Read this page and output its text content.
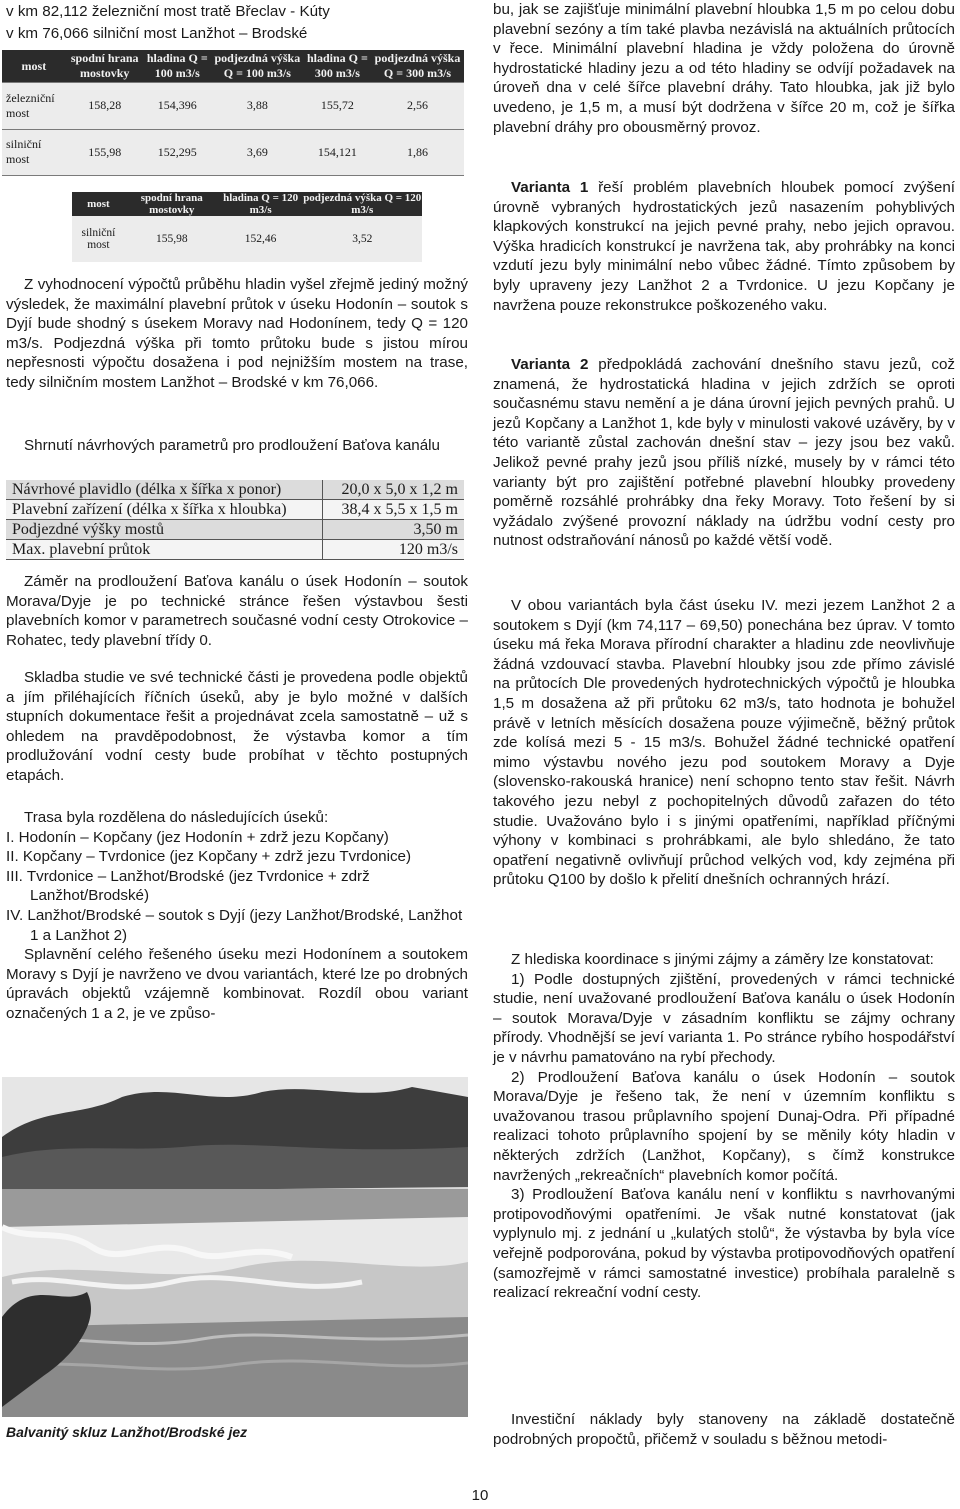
v km 82,112 železniční most tratě Břeclav - Kúty
v km 76,066 silniční most Lanžhot – Brodské
most	spodní hrana mostovky	hladina Q = 100 m3/s	podjezdná výška Q = 100 m3/s	hladina Q = 300 m3/s	podjezdná výška Q = 300 m3/s
železniční most	158,28	154,396	3,88	155,72	2,56
silniční most	155,98	152,295	3,69	154,121	1,86
most	spodní hrana mostovky	hladina Q = 120 m3/s	podjezdná výška Q = 120 m3/s
silniční most	155,98	152,46	3,52

Z vyhodnocení výpočtů průběhu hladin vyšel zřejmě jediný možný výsledek, že maximální plavební průtok v úseku Hodonín – soutok s Dyjí bude shodný s úsekem Moravy nad Hodonínem, tedy Q = 120 m3/s. Podjezdná výška při tomto průtoku bude s jistou mírou nepřesnosti výpočtu dosažena i pod nejnižším mostem na trase, tedy silničním mostem Lanžhot – Brodské v km 76,066.

Shrnutí návrhových parametrů pro prodloužení Baťova kanálu

Návrhové plavidlo (délka x šířka x ponor)	20,0 x 5,0 x 1,2 m
Plavební zařízení (délka x šířka x hloubka)	38,4 x 5,5 x 1,5 m
Podjezdné výšky mostů	3,50 m
Max. plavební průtok	120 m3/s

Záměr na prodloužení Baťova kanálu o úsek Hodonín – soutok Morava/Dyje je po technické stránce řešen výstavbou šesti plavebních komor v parametrech současné vodní cesty Otrokovice – Rohatec, tedy plavební třídy 0.

Skladba studie ve své technické části je provedena podle objektů a jím přiléhajících říčních úseků, aby je bylo možné v dalších stupních dokumentace řešit a projednávat zcela samostatně – už s ohledem na pravděpodobnost, že výstavba komor a tím prodlužování vodní cesty bude probíhat v těchto postupných etapách.

Trasa byla rozdělena do následujících úseků:

I. Hodonín – Kopčany (jez Hodonín + zdrž jezu Kopčany)

II. Kopčany – Tvrdonice (jez Kopčany + zdrž jezu Tvrdonice)

III. Tvrdonice – Lanžhot/Brodské (jez Tvrdonice + zdrž Lanžhot/Brodské)

IV. Lanžhot/Brodské – soutok s Dyjí (jezy Lanžhot/Brodské, Lanžhot 1 a Lanžhot 2)

Splavnění celého řešeného úseku mezi Hodonínem a soutokem Moravy s Dyjí je navrženo ve dvou variantách, které lze po drobných úpravách objektů vzájemně kombinovat. Rozdíl obou variant označených 1 a 2, je ve způso-

Balvanitý skluz Lanžhot/Brodské jez

bu, jak se zajišťuje minimální plavební hloubka 1,5 m po celou dobu plavební sezóny a tím také plavba nezávislá na aktuálních průtocích v řece. Minimální plavební hladina je vždy položena do úrovně hydrostatické hladiny jezu a od této hladiny se odvíjí požadavek na úroveň dna v celé šířce plavební dráhy. Tato hloubka, jak již bylo uvedeno, je 1,5 m, a musí být dodržena v šířce 20 m, což je šířka plavební dráhy pro obousměrný provoz.

Varianta 1 řeší problém plavebních hloubek pomocí zvýšení úrovně vybraných hydrostatických jezů nasazením pohyblivých klapkových konstrukcí na jejich pevné prahy, nebo jejich opravou. Výška hradicích konstrukcí je navržena tak, aby prohrábky na konci vzdutí jezu byly minimální nebo vůbec žádné. Tímto způsobem by byly upraveny jezy Lanžhot 2 a Tvrdonice. U jezu Kopčany je navržena pouze rekonstrukce poškozeného vaku.

Varianta 2 předpokládá zachování dnešního stavu jezů, což znamená, že hydrostatická hladina v jejich zdržích se oproti současnému stavu nemění a je dána úrovní jejich pevných prahů. U jezů Kopčany a Lanžhot 1, kde byly v minulosti vakové uzávěry, by v této variantě zůstal zachován dnešní stav – jezy jsou bez vaků. Jelikož pevné prahy jezů jsou příliš nízké, musely by v rámci této varianty být pro zajištění potřebné plavební hloubky provedeny poměrně rozsáhlé prohrábky dna řeky Moravy. Toto řešení by si vyžádalo zvýšené provozní náklady na údržbu vodní cesty pro nutnost odstraňování nánosů po každé větší vodě.

V obou variantách byla část úseku IV. mezi jezem Lanžhot 2 a soutokem s Dyjí (km 74,117 – 69,50) ponechána bez úprav. V tomto úseku má řeka Morava přírodní charakter a hladinu zde neovlivňuje žádná vzdouvací stavba. Plavební hloubky jsou zde přímo závislé na průtocích Dle provedených hydrotechnických výpočtů je hloubka 1,5 m dosažena až při průtoku 62 m3/s, tato hodnota je bohužel právě v letních měsících dosažena pouze výjimečně, běžný průtok zde kolísá mezi 5 - 15 m3/s. Bohužel žádné technické opatření mimo výstavbu nového jezu pod soutokem Moravy a Dyje (slovensko-rakouská hranice) není schopno tento stav řešit. Návrh takového jezu nebyl z pochopitelných důvodů zařazen do této studie. Uvažováno bylo i s jinými opatřeními, například příčnými výhony v kombinaci s prohrábkami, ale bylo shledáno, že tato opatření negativně ovlivňují průchod velkých vod, kdy zejména při průtoku Q100 by došlo k přelití dnešních ochranných hrází.

Z hlediska koordinace s jinými zájmy a záměry lze konstatovat:

1) Podle dostupných zjištění, provedených v rámci technické studie, není uvažované prodloužení Baťova kanálu o úsek Hodonín – soutok Morava/Dyje v zásadním konfliktu se zájmy ochrany přírody. Vhodnější se jeví varianta 1. Po stránce rybího hospodářství je v návrhu pamatováno na rybí přechody.

2) Prodloužení Baťova kanálu o úsek Hodonín – soutok Morava/Dyje je řešeno tak, že není v územním konfliktu s uvažovanou trasou průplavního spojení Dunaj-Odra. Při případné realizaci tohoto průplavního spojení by se měnily kóty hladin v některých zdržích (Lanžhot, Kopčany), s čímž konstrukce navržených „rekreačních“ plavebních komor počítá.

3) Prodloužení Baťova kanálu není v konfliktu s navrhovanými protipovodňovými opatřeními. Je však nutné konstatovat (jak vyplynulo mj. z jednání u „kulatých stolů“, že výstavba by byla více veřejně podporována, pokud by výstavba protipovodňových opatření (samozřejmě v rámci samostatné investice) probíhala paralelně s realizací rekreační vodní cesty.

Investiční náklady byly stanoveny na základě dostatečně podrobných propočtů, přičemž v souladu s běžnou metodi-

10
